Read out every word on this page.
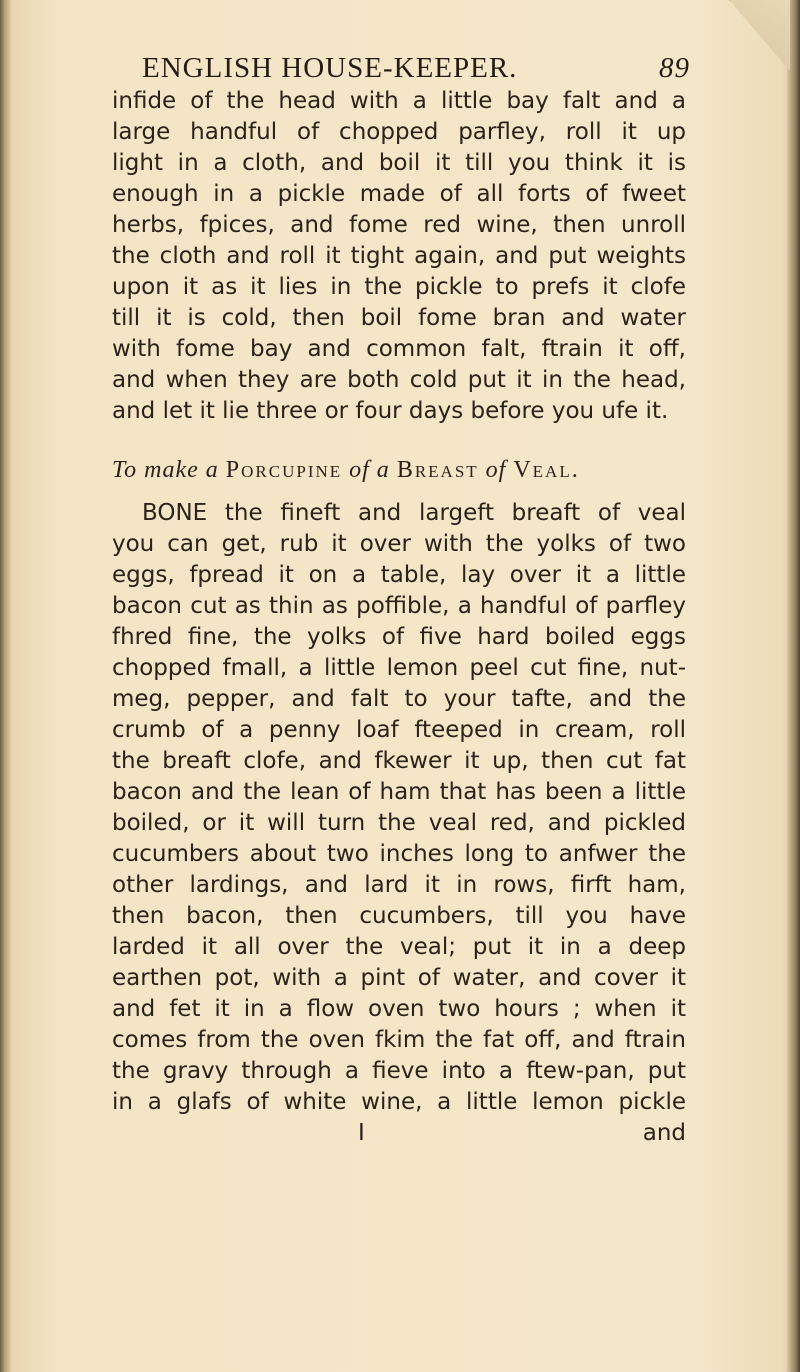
ENGLISH HOUSE-KEEPER.	89
infide of the head with a little bay falt and a
large handful of chopped parfley, roll it up
light in a cloth, and boil it till you think it is
enough in a pickle made of all forts of fweet
herbs, fpices, and fome red wine, then unroll
the cloth and roll it tight again, and put weights
upon it as it lies in the pickle to prefs it clofe
till it is cold, then boil fome bran and water
with fome bay and common falt, ftrain it off,
and when they are both cold put it in the head,
and let it lie three or four days before you ufe it.
To make a Porcupine of a Breast of Veal.
BONE the fineft and largeft breaft of veal
you can get, rub it over with the yolks of two
eggs, fpread it on a table, lay over it a little
bacon cut as thin as poffible, a handful of parfley
fhred fine, the yolks of five hard boiled eggs
chopped fmall, a little lemon peel cut fine, nut-
meg, pepper, and falt to your tafte, and the
crumb of a penny loaf fteeped in cream, roll
the breaft clofe, and fkewer it up, then cut fat
bacon and the lean of ham that has been a little
boiled, or it will turn the veal red, and pickled
cucumbers about two inches long to anfwer the
other lardings, and lard it in rows, firft ham,
then bacon, then cucumbers, till you have
larded it all over the veal; put it in a deep
earthen pot, with a pint of water, and cover it
and fet it in a flow oven two hours ; when it
comes from the oven fkim the fat off, and ftrain
the gravy through a fieve into a ftew-pan, put
in a glafs of white wine, a little lemon pickle
I	and
